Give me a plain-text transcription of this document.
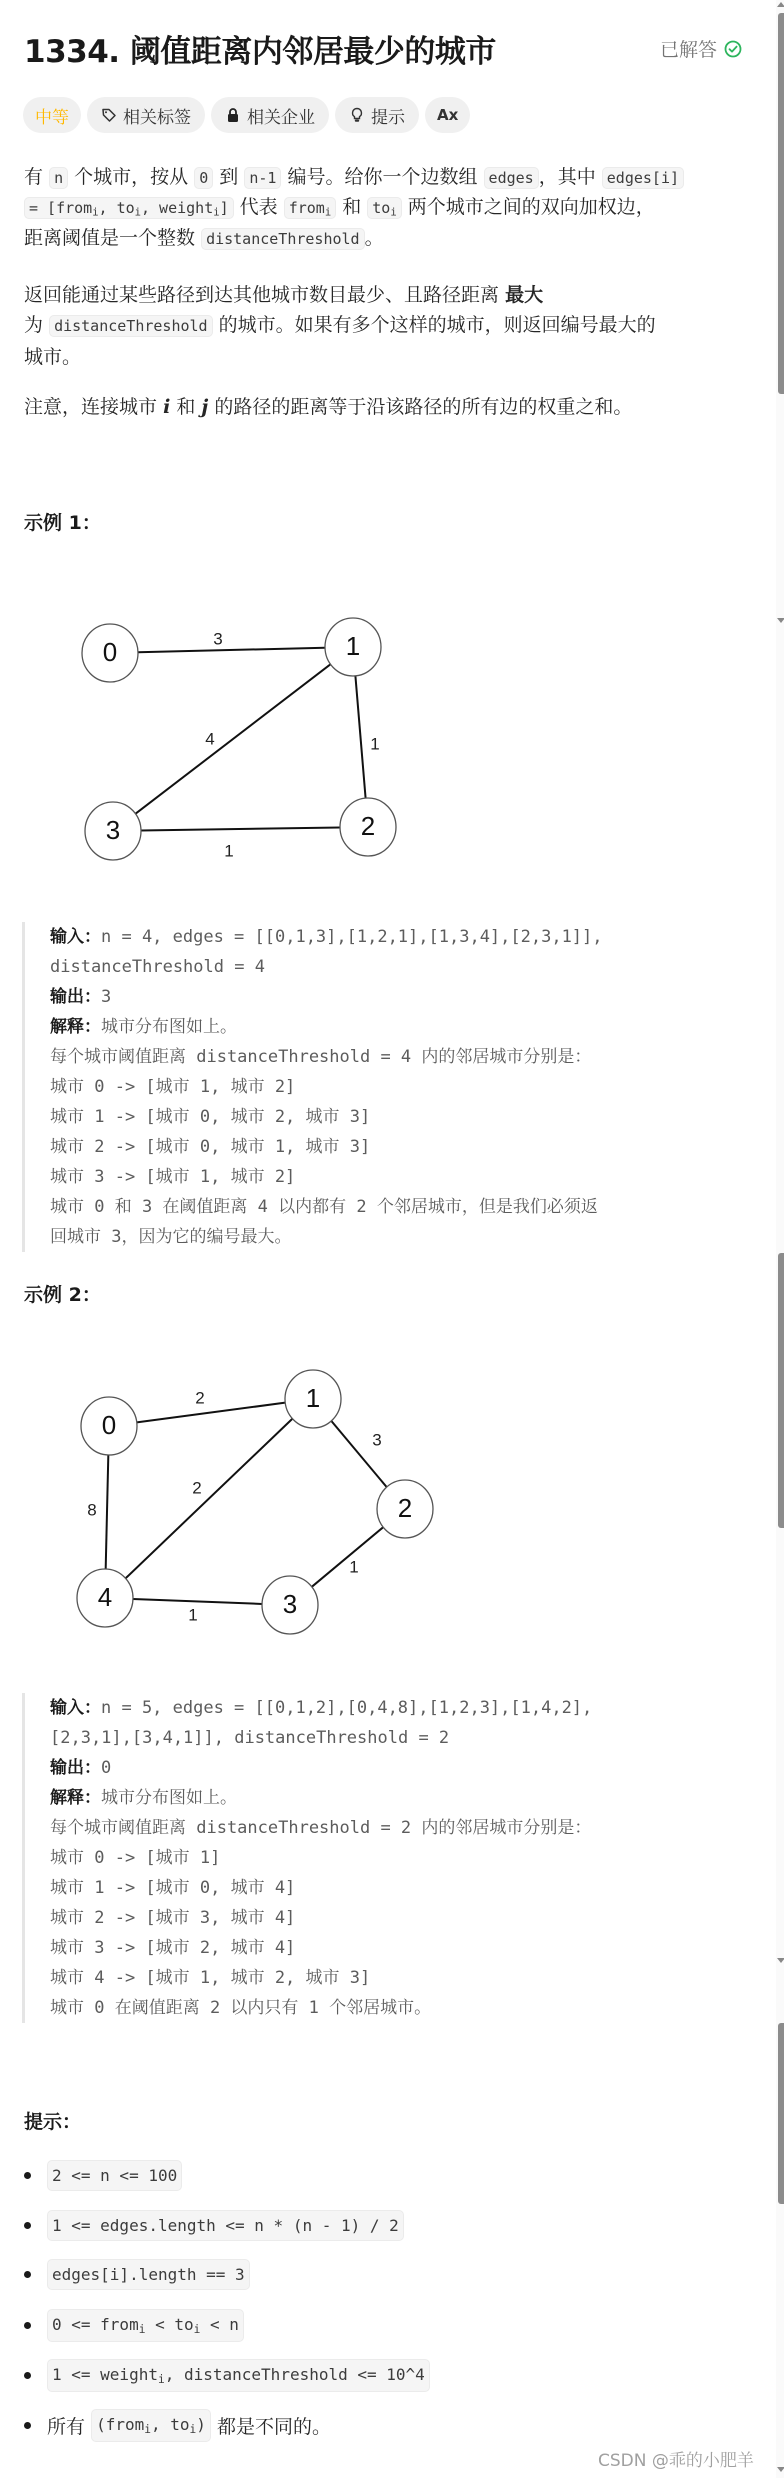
1334. 阈值距离内邻居最少的城市	已解答
中等	相关标签	相关企业	提示	Ax
有 n 个城市，按从 0 到 n-1 编号。给你一个边数组 edges ，其中 edges[i]
= [from$_i$, $to_i$, weight$_i$] 代表 from$_i$ 和 $to_i$ 两个城市之间的双向加权边，
距离阈值是一个整数 distanceThreshold 。
返回能通过某些路径到达其他城市数目最少、且路径距离 最大
为 distanceThreshold 的城市。如果有多个这样的城市，则返回编号最大的
城市。
注意，连接城市 i 和 j 的路径的距离等于沿该路径的所有边的权重之和。
示例 1：
3
1
4
1
0	1
2
3
2
8
3
2
1
1
0
1
2
3
4
输入：n = 4, edges = [[0,1,3],[1,2,1],[1,3,4],[2,3,1]],
distanceThreshold = 4
输出：3
解释：城市分布图如上。
每个城市阈值距离 distanceThreshold = 4 内的邻居城市分别是：
城市 0 -> [城市 1, 城市 2]
城市 1 -> [城市 0, 城市 2, 城市 3]
城市 2 -> [城市 0, 城市 1, 城市 3]
城市 3 -> [城市 1, 城市 2]
城市 0 和 3 在阈值距离 4 以内都有 2 个邻居城市，但是我们必须返
回城市 3，因为它的编号最大。
示例 2：
输入：n = 5, edges = [[0,1,2],[0,4,8],[1,2,3],[1,4,2],
[2,3,1],[3,4,1]], distanceThreshold = 2
输出：0
解释：城市分布图如上。
每个城市阈值距离 distanceThreshold = 2 内的邻居城市分别是：
城市 0 -> [城市 1]
城市 1 -> [城市 0, 城市 4]
城市 2 -> [城市 3, 城市 4]
城市 3 -> [城市 2, 城市 4]
城市 4 -> [城市 1, 城市 2, 城市 3]
城市 0 在阈值距离 2 以内只有 1 个邻居城市。
提示：
2 <= n <= 100
1 <= edges.length <= n * (n - 1) / 2
edges[i].length == 3
0 <= from$_i$ < $to_i < n$
1 <= weight$_i$, distanceThreshold <= 10^4
所有
(from$_i$, $to_i$)
都是不同的。
CSDN @乖的小肥羊
